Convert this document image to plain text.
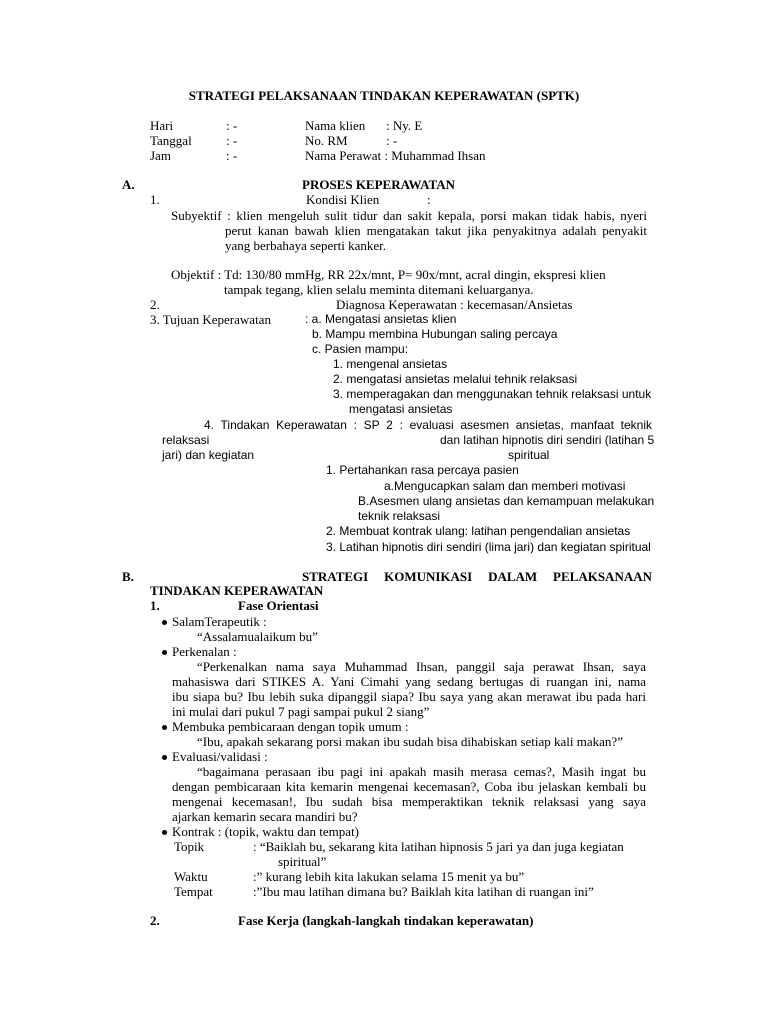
STRATEGI PELAKSANAAN TINDAKAN KEPERAWATAN (SPTK)
Hari	: -	Nama klien : Ny. E
Tanggal	: -	No. RM	: -
Jam	: -	Nama Perawat : Muhammad Ihsan
A.	PROSES KEPERAWATAN
1.	Kondisi Klien	:
Subyektif : klien mengeluh sulit tidur dan sakit kepala, porsi makan tidak habis, nyeri
perut kanan bawah klien mengatakan takut jika penyakitnya adalah penyakit
yang berbahaya seperti kanker.
Objektif : Td: 130/80 mmHg, RR 22x/mnt, P= 90x/mnt, acral dingin, ekspresi klien
tampak tegang, klien selalu meminta ditemani keluarganya.
2.	Diagnosa Keperawatan : kecemasan/Ansietas
3. Tujuan Keperawatan	: a. Mengatasi ansietas klien
b. Mampu membina Hubungan saling percaya
c. Pasien mampu:
1. mengenal ansietas
2. mengatasi ansietas melalui tehnik relaksasi
3. memperagakan dan menggunakan tehnik relaksasi untuk
mengatasi ansietas
4. Tindakan Keperawatan : SP 2 : evaluasi asesmen ansietas, manfaat teknik
relaksasi	dan latihan hipnotis diri sendiri (latihan 5
jari) dan kegiatan	spiritual
1. Pertahankan rasa percaya pasien
a.Mengucapkan salam dan memberi motivasi
B.Asesmen ulang ansietas dan kemampuan melakukan
teknik relaksasi
2. Membuat kontrak ulang: latihan pengendalian ansietas
3. Latihan hipnotis diri sendiri (lima jari) dan kegiatan spiritual
B.	STRATEGI KOMUNIKASI DALAM PELAKSANAAN
TINDAKAN KEPERAWATAN
1.	Fase Orientasi
SalamTerapeutik :
“Assalamualaikum bu”
Perkenalan :
“Perkenalkan nama saya Muhammad Ihsan, panggil saja perawat Ihsan, saya
mahasiswa dari STIKES A. Yani Cimahi yang sedang bertugas di ruangan ini, nama
ibu siapa bu? Ibu lebih suka dipanggil siapa? Ibu saya yang akan merawat ibu pada hari
ini mulai dari pukul 7 pagi sampai pukul 2 siang”
Membuka pembicaraan dengan topik umum :
“Ibu, apakah sekarang porsi makan ibu sudah bisa dihabiskan setiap kali makan?”
Evaluasi/validasi :
“bagaimana perasaan ibu pagi ini apakah masih merasa cemas?, Masih ingat bu
dengan pembicaraan kita kemarin mengenai kecemasan?, Coba ibu jelaskan kembali bu
mengenai kecemasan!, Ibu sudah bisa memperaktikan teknik relaksasi yang saya
ajarkan kemarin secara mandiri bu?
Kontrak : (topik, waktu dan tempat)
Topik	: “Baiklah bu, sekarang kita latihan hipnosis 5 jari ya dan juga kegiatan
spiritual”
Waktu	:” kurang lebih kita lakukan selama 15 menit ya bu”
Tempat	:”Ibu mau latihan dimana bu? Baiklah kita latihan di ruangan ini”
2.	Fase Kerja (langkah-langkah tindakan keperawatan)
